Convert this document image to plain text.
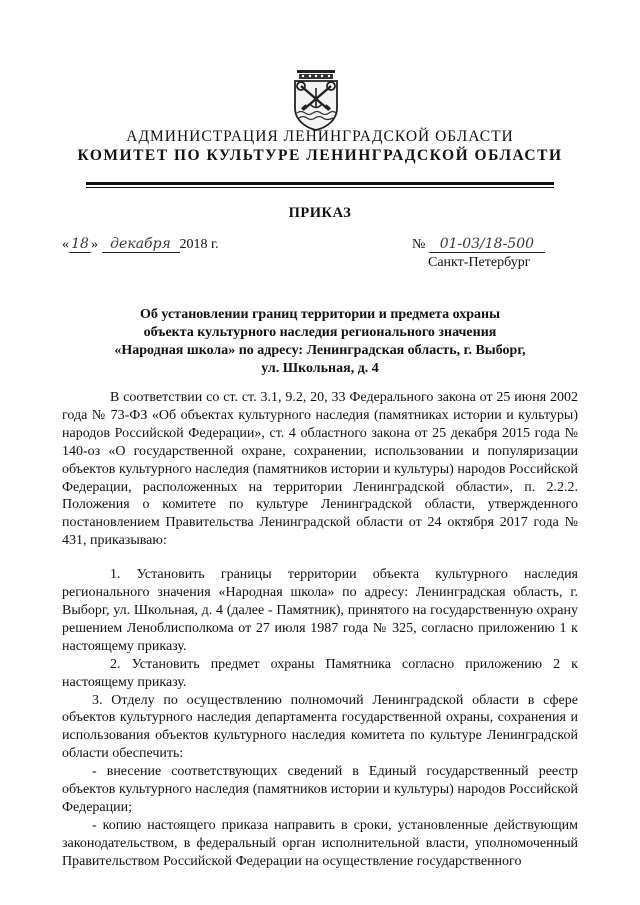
АДМИНИСТРАЦИЯ ЛЕНИНГРАДСКОЙ ОБЛАСТИ
КОМИТЕТ ПО КУЛЬТУРЕ ЛЕНИНГРАДСКОЙ ОБЛАСТИ
ПРИКАЗ
« 18 » декабря 2018 г.	№ 01-03/18-500
Санкт-Петербург
Об установлении границ территории и предмета охраны
объекта культурного наследия регионального значения
«Народная школа» по адресу: Ленинградская область, г. Выборг,
ул. Школьная, д. 4

В соответствии со ст. ст. 3.1, 9.2, 20, 33 Федерального закона от 25 июня 2002 года № 73-ФЗ «Об объектах культурного наследия (памятниках истории и культуры) народов Российской Федерации», ст. 4 областного закона от 25 декабря 2015 года № 140-оз «О государственной охране, сохранении, использовании и популяризации объектов культурного наследия (памятников истории и культуры) народов Российской Федерации, расположенных на территории Ленинградской области», п. 2.2.2. Положения о комитете по культуре Ленинградской области, утвержденного постановлением Правительства Ленинградской области от 24 октября 2017 года № 431, приказываю:

1. Установить границы территории объекта культурного наследия регионального значения «Народная школа» по адресу: Ленинградская область, г. Выборг, ул. Школьная, д. 4 (далее - Памятник), принятого на государственную охрану решением Леноблисполкома от 27 июля 1987 года № 325, согласно приложению 1 к настоящему приказу.

2. Установить предмет охраны Памятника согласно приложению 2 к настоящему приказу.

3. Отделу по осуществлению полномочий Ленинградской области в сфере объектов культурного наследия департамента государственной охраны, сохранения и использования объектов культурного наследия комитета по культуре Ленинградской области обеспечить:

- внесение соответствующих сведений в Единый государственный реестр объектов культурного наследия (памятников истории и культуры) народов Российской Федерации;

- копию настоящего приказа направить в сроки, установленные действующим законодательством, в федеральный орган исполнительной власти, уполномоченный Правительством Российской Федерации на осуществление государственного
